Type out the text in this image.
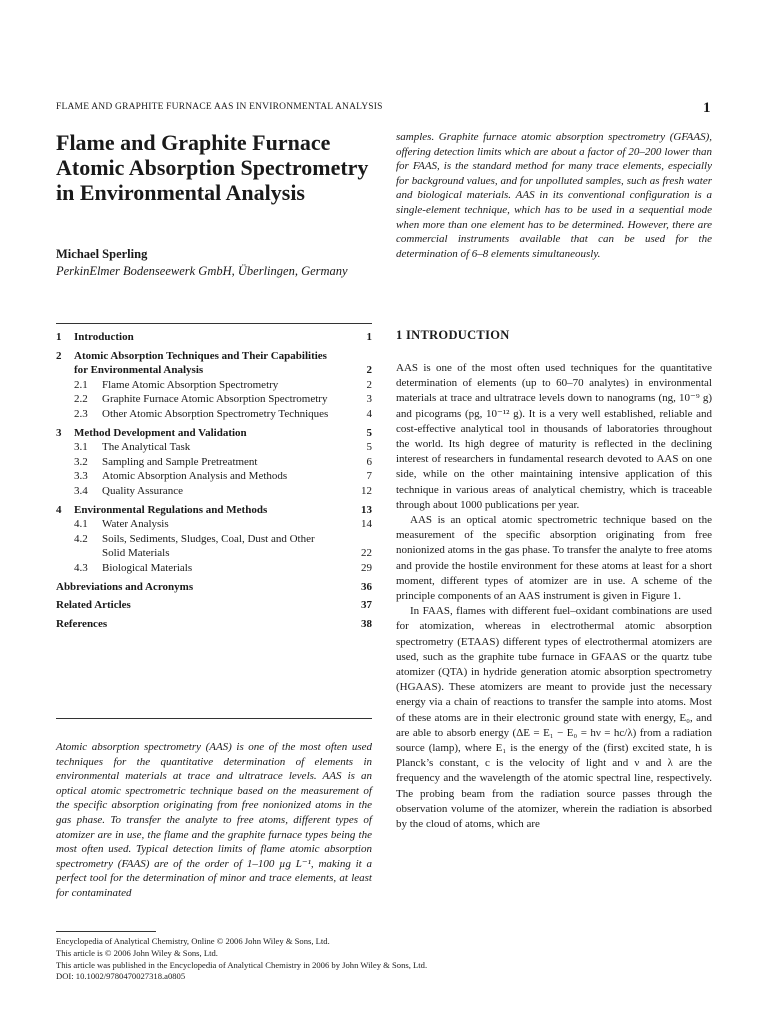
FLAME AND GRAPHITE FURNACE AAS IN ENVIRONMENTAL ANALYSIS	1
Flame and Graphite Furnace Atomic Absorption Spectrometry in Environmental Analysis
Michael Sperling
PerkinElmer Bodenseewerk GmbH, Überlingen, Germany
samples. Graphite furnace atomic absorption spectrometry (GFAAS), offering detection limits which are about a factor of 20–200 lower than for FAAS, is the standard method for many trace elements, especially for background values, and for unpolluted samples, such as fresh water and biological materials. AAS in its conventional configuration is a single-element technique, which has to be used in a sequential mode when more than one element has to be determined. However, there are commercial instruments available that can be used for the determination of 6–8 elements simultaneously.
1	Introduction	1
2	Atomic Absorption Techniques and Their Capabilities for Environmental Analysis	2
2.1	Flame Atomic Absorption Spectrometry	2
2.2	Graphite Furnace Atomic Absorption Spectrometry	3
2.3	Other Atomic Absorption Spectrometry Techniques	4
3	Method Development and Validation	5
3.1	The Analytical Task	5
3.2	Sampling and Sample Pretreatment	6
3.3	Atomic Absorption Analysis and Methods	7
3.4	Quality Assurance	12
4	Environmental Regulations and Methods	13
4.1	Water Analysis	14
4.2	Soils, Sediments, Sludges, Coal, Dust and Other Solid Materials	22
4.3	Biological Materials	29
Abbreviations and Acronyms	36
Related Articles	37
References	38
Atomic absorption spectrometry (AAS) is one of the most often used techniques for the quantitative determination of elements in environmental materials at trace and ultratrace levels. AAS is an optical atomic spectrometric technique based on the measurement of the specific absorption originating from free nonionized atoms in the gas phase. To transfer the analyte to free atoms, different types of atomizer are in use, the flame and the graphite furnace types being the most often used. Typical detection limits of flame atomic absorption spectrometry (FAAS) are of the order of 1–100 µg L⁻¹, making it a perfect tool for the determination of minor and trace elements, at least for contaminated
1 INTRODUCTION

AAS is one of the most often used techniques for the quantitative determination of elements (up to 60–70 analytes) in environmental materials at trace and ultratrace levels down to nanograms (ng, 10⁻⁹ g) and picograms (pg, 10⁻¹² g). It is a very well established, reliable and cost-effective analytical tool in thousands of laboratories throughout the world. Its high degree of maturity is reflected in the declining interest of researchers in fundamental research devoted to AAS on one side, while on the other maintaining intensive application of this technique in various areas of analytical chemistry, which is traceable through about 1000 publications per year.

AAS is an optical atomic spectrometric technique based on the measurement of the specific absorption originating from free nonionized atoms in the gas phase. To transfer the analyte to free atoms and provide the hostile environment for these atoms at least for a short moment, different types of atomizer are in use. A scheme of the principle components of an AAS instrument is given in Figure 1.

In FAAS, flames with different fuel–oxidant combinations are used for atomization, whereas in electrothermal atomic absorption spectrometry (ETAAS) different types of electrothermal atomizers are used, such as the graphite tube furnace in GFAAS or the quartz tube atomizer (QTA) in hydride generation atomic absorption spectrometry (HGAAS). These atomizers are meant to provide just the necessary energy via a chain of reactions to transfer the sample into atoms. Most of these atoms are in their electronic ground state with energy, E₀, and are able to absorb energy (ΔE = E₁ − E₀ = hν = hc/λ) from a radiation source (lamp), where E₁ is the energy of the (first) excited state, h is Planck’s constant, c is the velocity of light and ν and λ are the frequency and the wavelength of the atomic spectral line, respectively. The probing beam from the radiation source passes through the observation volume of the atomizer, wherein the radiation is absorbed by the cloud of atoms, which are

Encyclopedia of Analytical Chemistry, Online © 2006 John Wiley & Sons, Ltd.
This article is © 2006 John Wiley & Sons, Ltd.
This article was published in the Encyclopedia of Analytical Chemistry in 2006 by John Wiley & Sons, Ltd.
DOI: 10.1002/9780470027318.a0805
